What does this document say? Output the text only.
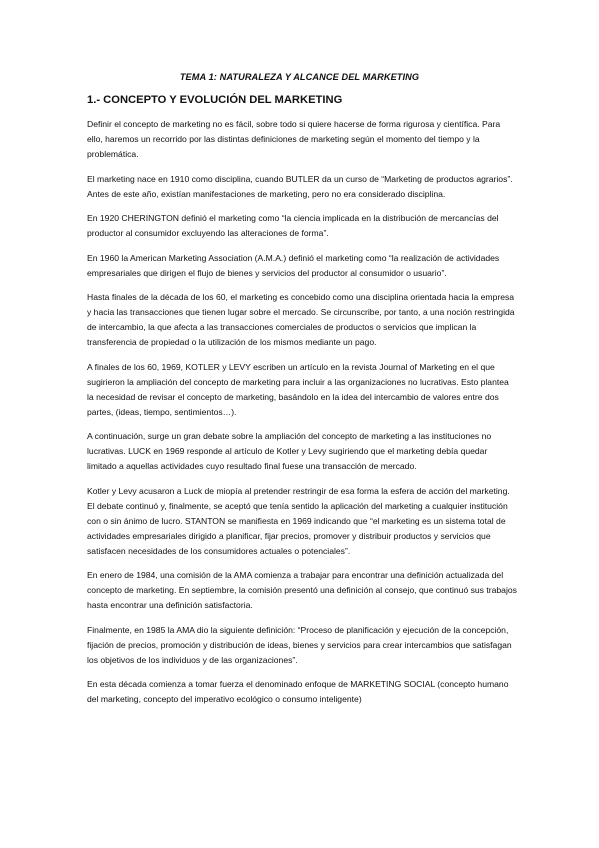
TEMA 1: NATURALEZA Y ALCANCE DEL MARKETING

1.- CONCEPTO Y EVOLUCIÓN DEL MARKETING

Definir el concepto de marketing no es fácil, sobre todo si quiere hacerse de forma rigurosa y científica. Para ello, haremos un recorrido por las distintas definiciones de marketing según el momento del tiempo y la problemática.

El marketing nace en 1910 como disciplina, cuando BUTLER da un curso de “Marketing de productos agrarios”. Antes de este año, existían manifestaciones de marketing, pero no era considerado disciplina.

En 1920 CHERINGTON definió el marketing como “la ciencia implicada en la distribución de mercancías del productor al consumidor excluyendo las alteraciones de forma”.

En 1960 la American Marketing Association (A.M.A.) definió el marketing como “la realización de actividades empresariales que dirigen el flujo de bienes y servicios del productor al consumidor o usuario”.

Hasta finales de la década de los 60, el marketing es concebido como una disciplina orientada hacia la empresa y hacia las transacciones que tienen lugar sobre el mercado. Se circunscribe, por tanto, a una noción restringida de intercambio, la que afecta a las transacciones comerciales de productos o servicios que implican la transferencia de propiedad o la utilización de los mismos mediante un pago.

A finales de los 60, 1969, KOTLER y LEVY escriben un artículo en la revista Journal of Marketing en el que sugirieron la ampliación del concepto de marketing para incluir a las organizaciones no lucrativas. Esto plantea la necesidad de revisar el concepto de marketing, basándolo en la idea del intercambio de valores entre dos partes, (ideas, tiempo, sentimientos…).

A continuación, surge un gran debate sobre la ampliación del concepto de marketing a las instituciones no lucrativas. LUCK en 1969 responde al artículo de Kotler y Levy sugiriendo que el marketing debía quedar limitado a aquellas actividades cuyo resultado final fuese una transacción de mercado.

Kotler y Levy acusaron a Luck de miopía al pretender restringir de esa forma la esfera de acción del marketing. El debate continuó y, finalmente, se aceptó que tenía sentido la aplicación del marketing a cualquier institución con o sin ánimo de lucro. STANTON se manifiesta en 1969 indicando que “el marketing es un sistema total de actividades empresariales dirigido a planificar, fijar precios, promover y distribuir productos y servicios que satisfacen necesidades de los consumidores actuales o potenciales”.

En enero de 1984, una comisión de la AMA comienza a trabajar para encontrar una definición actualizada del concepto de marketing. En septiembre, la comisión presentó una definición al consejo, que continuó sus trabajos hasta encontrar una definición satisfactoria.

Finalmente, en 1985 la AMA dio la siguiente definición: “Proceso de planificación y ejecución de la concepción, fijación de precios, promoción y distribución de ideas, bienes y servicios para crear intercambios que satisfagan los objetivos de los individuos y de las organizaciones”.

En esta década comienza a tomar fuerza el denominado enfoque de MARKETING SOCIAL (concepto humano del marketing, concepto del imperativo ecológico o consumo inteligente)
